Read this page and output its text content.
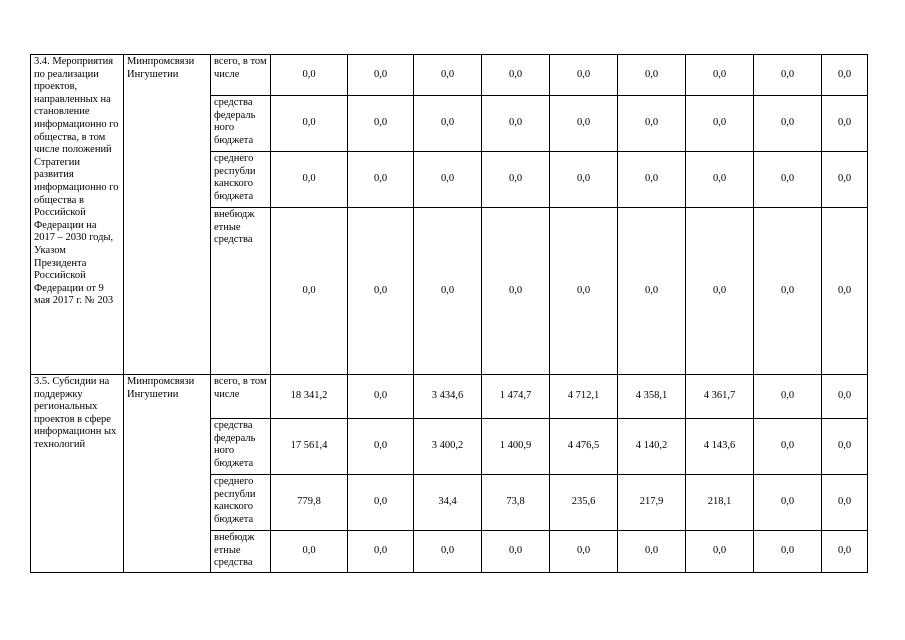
3.4. Мероприятия по реализации проектов, направленных на становление информационно го общества, в том числе положений Стратегии развития информационно го общества в Российской Федерации на 2017 – 2030 годы, Указом Президента Российской Федерации от 9 мая 2017 г. № 203	Минпромсвязи Ингушетии	всего, в том числе	0,0	0,0	0,0	0,0	0,0	0,0	0,0	0,0	0,0
		средства федераль ного бюджета	0,0	0,0	0,0	0,0	0,0	0,0	0,0	0,0	0,0
		среднего республи канского бюджета	0,0	0,0	0,0	0,0	0,0	0,0	0,0	0,0	0,0
		внебюдж етные средства	0,0	0,0	0,0	0,0	0,0	0,0	0,0	0,0	0,0
3.5. Субсидии на поддержку региональных проектов в сфере информационн ых технологий	Минпромсвязи Ингушетии	всего, в том числе	18 341,2	0,0	3 434,6	1 474,7	4 712,1	4 358,1	4 361,7	0,0	0,0
		средства федераль ного бюджета	17 561,4	0,0	3 400,2	1 400,9	4 476,5	4 140,2	4 143,6	0,0	0,0
		среднего республи канского бюджета	779,8	0,0	34,4	73,8	235,6	217,9	218,1	0,0	0,0
		внебюдж етные средства	0,0	0,0	0,0	0,0	0,0	0,0	0,0	0,0	0,0
